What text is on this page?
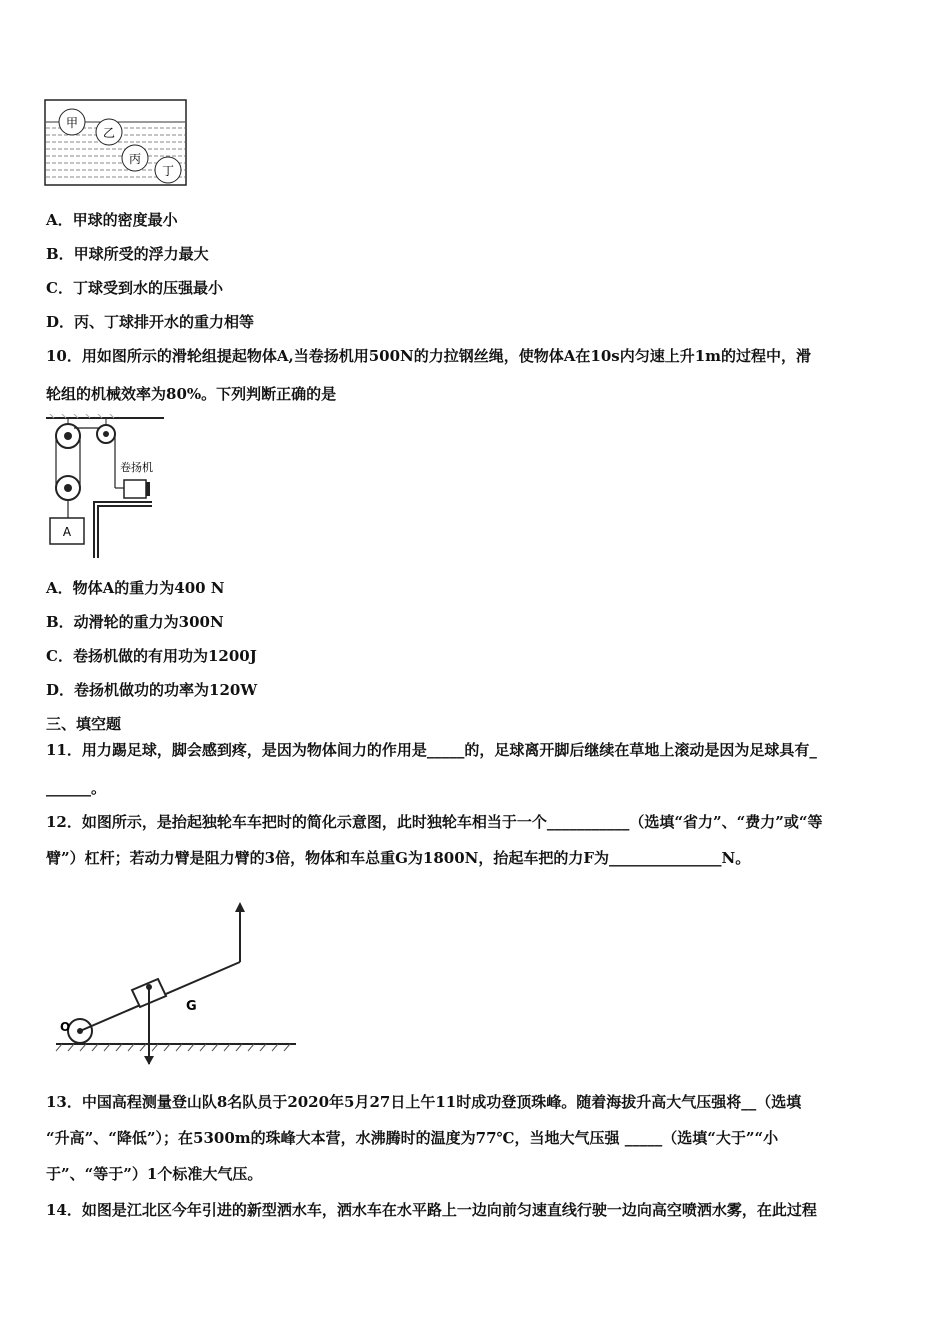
甲
乙
丙
丁
A．甲球的密度最小
B．甲球所受的浮力最大
C．丁球受到水的压强最小
D．丙、丁球排开水的重力相等
10．用如图所示的滑轮组提起物体A,当卷扬机用500N的力拉钢丝绳，使物体A在10s内匀速上升1m的过程中，滑
轮组的机械效率为80%。下列判断正确的是
A
卷扬机
A．物体A的重力为400 N
B．动滑轮的重力为300N
C．卷扬机做的有用功为1200J
D．卷扬机做功的功率为120W
三、填空题
11．用力踢足球，脚会感到疼，是因为物体间力的作用是_____的，足球离开脚后继续在草地上滚动是因为足球具有_
______。
12．如图所示，是抬起独轮车车把时的简化示意图，此时独轮车相当于一个___________（选填“省力”、“费力”或“等
臂”）杠杆；若动力臂是阻力臂的3倍，物体和车总重G为1800N，抬起车把的力F为_______________N。
O
G
13．中国高程测量登山队8名队员于2020年5月27日上午11时成功登顶珠峰。随着海拔升高大气压强将__（选填
“升高”、“降低”）；在5300m的珠峰大本营，水沸腾时的温度为77℃，当地大气压强 _____（选填“大于”“小
于”、“等于”）1个标准大气压。
14．如图是江北区今年引进的新型洒水车，洒水车在水平路上一边向前匀速直线行驶一边向高空喷洒水雾，在此过程
